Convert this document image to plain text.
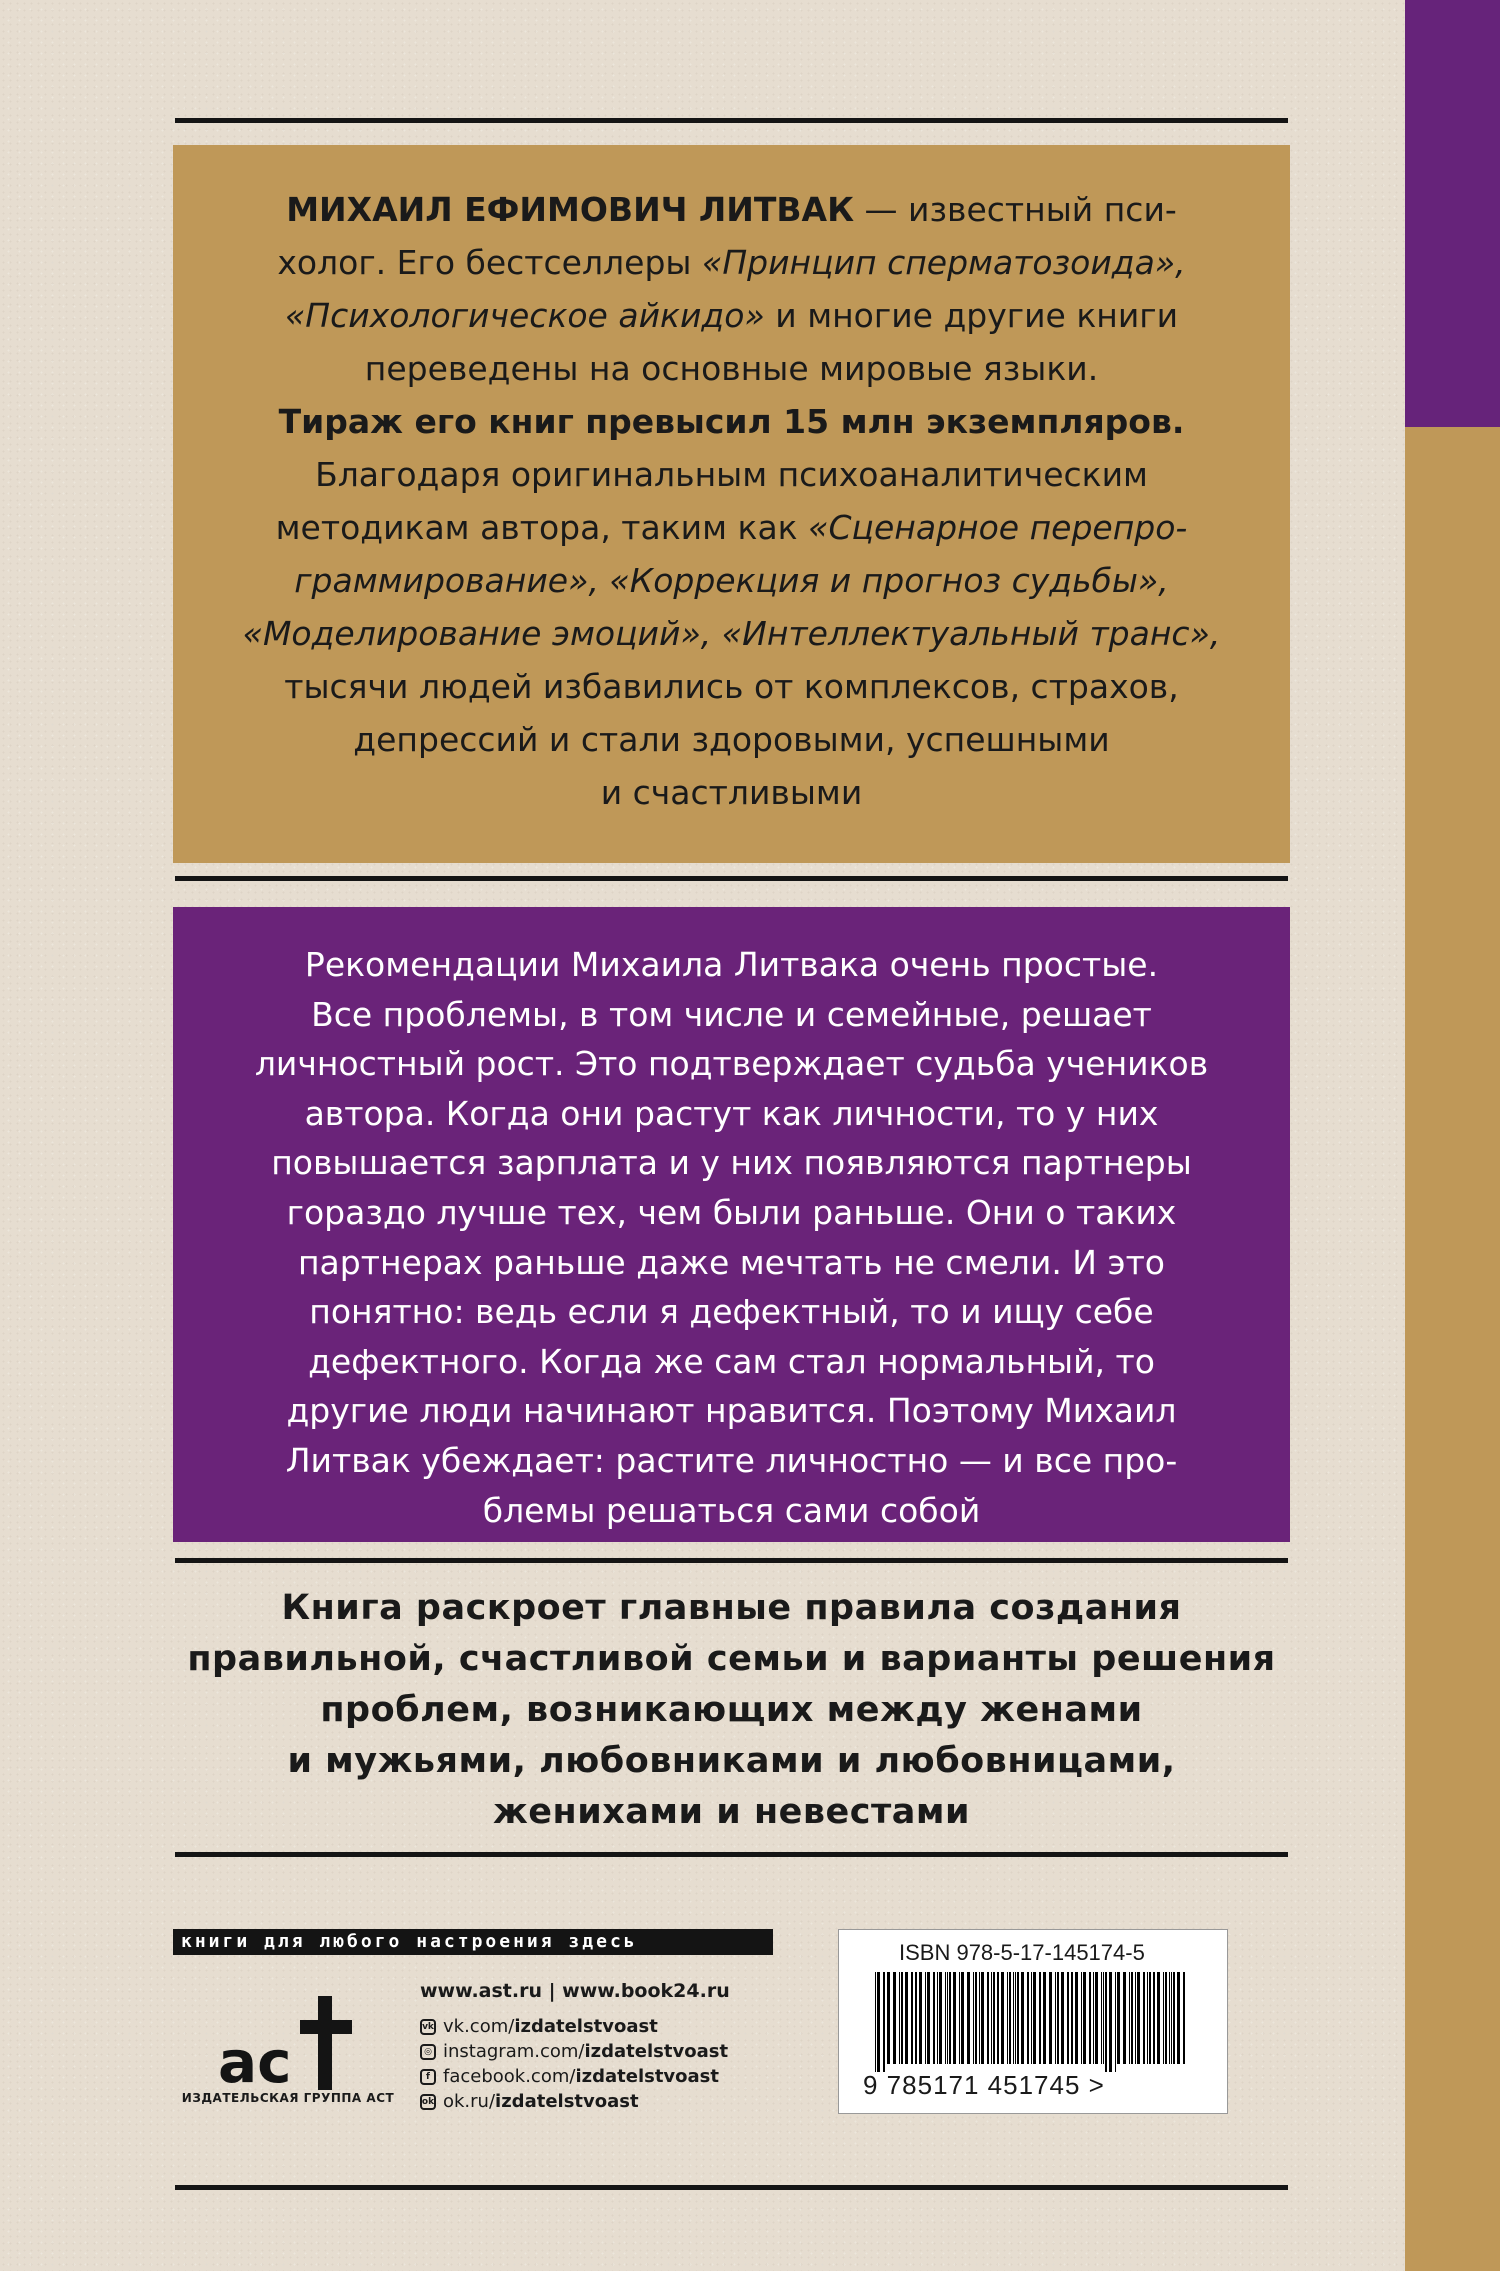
МИХАИЛ ЕФИМОВИЧ ЛИТВАК — известный пси-
холог. Его бестселлеры «Принцип сперматозоида»,
«Психологическое айкидо» и многие другие книги
переведены на основные мировые языки.
Тираж его книг превысил 15 млн экземпляров.
Благодаря оригинальным психоаналитическим
методикам автора, таким как «Сценарное перепро-
граммирование», «Коррекция и прогноз судьбы»,
«Моделирование эмоций», «Интеллектуальный транс»,
тысячи людей избавились от комплексов, страхов,
депрессий и стали здоровыми, успешными
и счастливыми
Рекомендации Михаила Литвака очень простые.
Все проблемы, в том числе и семейные, решает
личностный рост. Это подтверждает судьба учеников
автора. Когда они растут как личности, то у них
повышается зарплата и у них появляются партнеры
гораздо лучше тех, чем были раньше. Они о таких
партнерах раньше даже мечтать не смели. И это
понятно: ведь если я дефектный, то и ищу себе
дефектного. Когда же сам стал нормальный, то
другие люди начинают нравится. Поэтому Михаил
Литвак убеждает: растите личностно — и все про-
блемы решаться сами собой
Книга раскроет главные правила создания
правильной, счастливой семьи и варианты решения
проблем, возникающих между женами
и мужьями, любовниками и любовницами,
женихами и невестами
книги для любого настроения здесь
ac
ИЗДАТЕЛЬСКАЯ ГРУППА АСТ
www.ast.ru | www.book24.ru
vk vk.com/ izdatelstvoast
◎ instagram.com/ izdatelstvoast
f facebook.com/ izdatelstvoast
ok ok.ru/ izdatelstvoast
ISBN 978-5-17-145174-5
9 785171 451745 >
